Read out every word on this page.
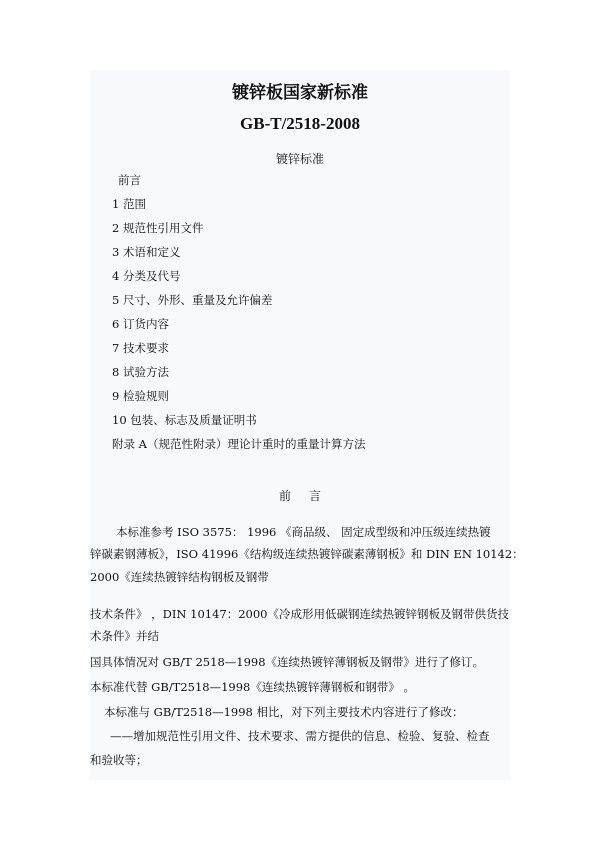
镀锌板国家新标准
GB-T/2518-2008
镀锌标准
前言
1 范围
2 规范性引用文件
3 术语和定义
4 分类及代号
5 尺寸、外形、重量及允许偏差
6 订货内容
7 技术要求
8 试验方法
9 检验规则
10 包装、标志及质量证明书
附录 A（规范性附录）理论计重时的重量计算方法
前言
本标准参考 ISO 3575： 1996 《商品级、 固定成型级和冲压级连续热镀
锌碳素钢薄板》，ISO 41996《结构级连续热镀锌碳素薄钢板》和 DIN EN 10142：
2000《连续热镀锌结构钢板及钢带
技术条件》 ，DIN 10147：2000《冷成形用低碳钢连续热镀锌钢板及钢带供货技
术条件》并结
国具体情况对 GB/T 2518—1998《连续热镀锌薄钢板及钢带》进行了修订。
本标准代替 GB/T2518—1998《连续热镀锌薄钢板和钢带》 。
本标准与 GB/T2518—1998 相比，对下列主要技术内容进行了修改：
——增加规范性引用文件、技术要求、需方提供的信息、检验、复验、检查
和验收等；
